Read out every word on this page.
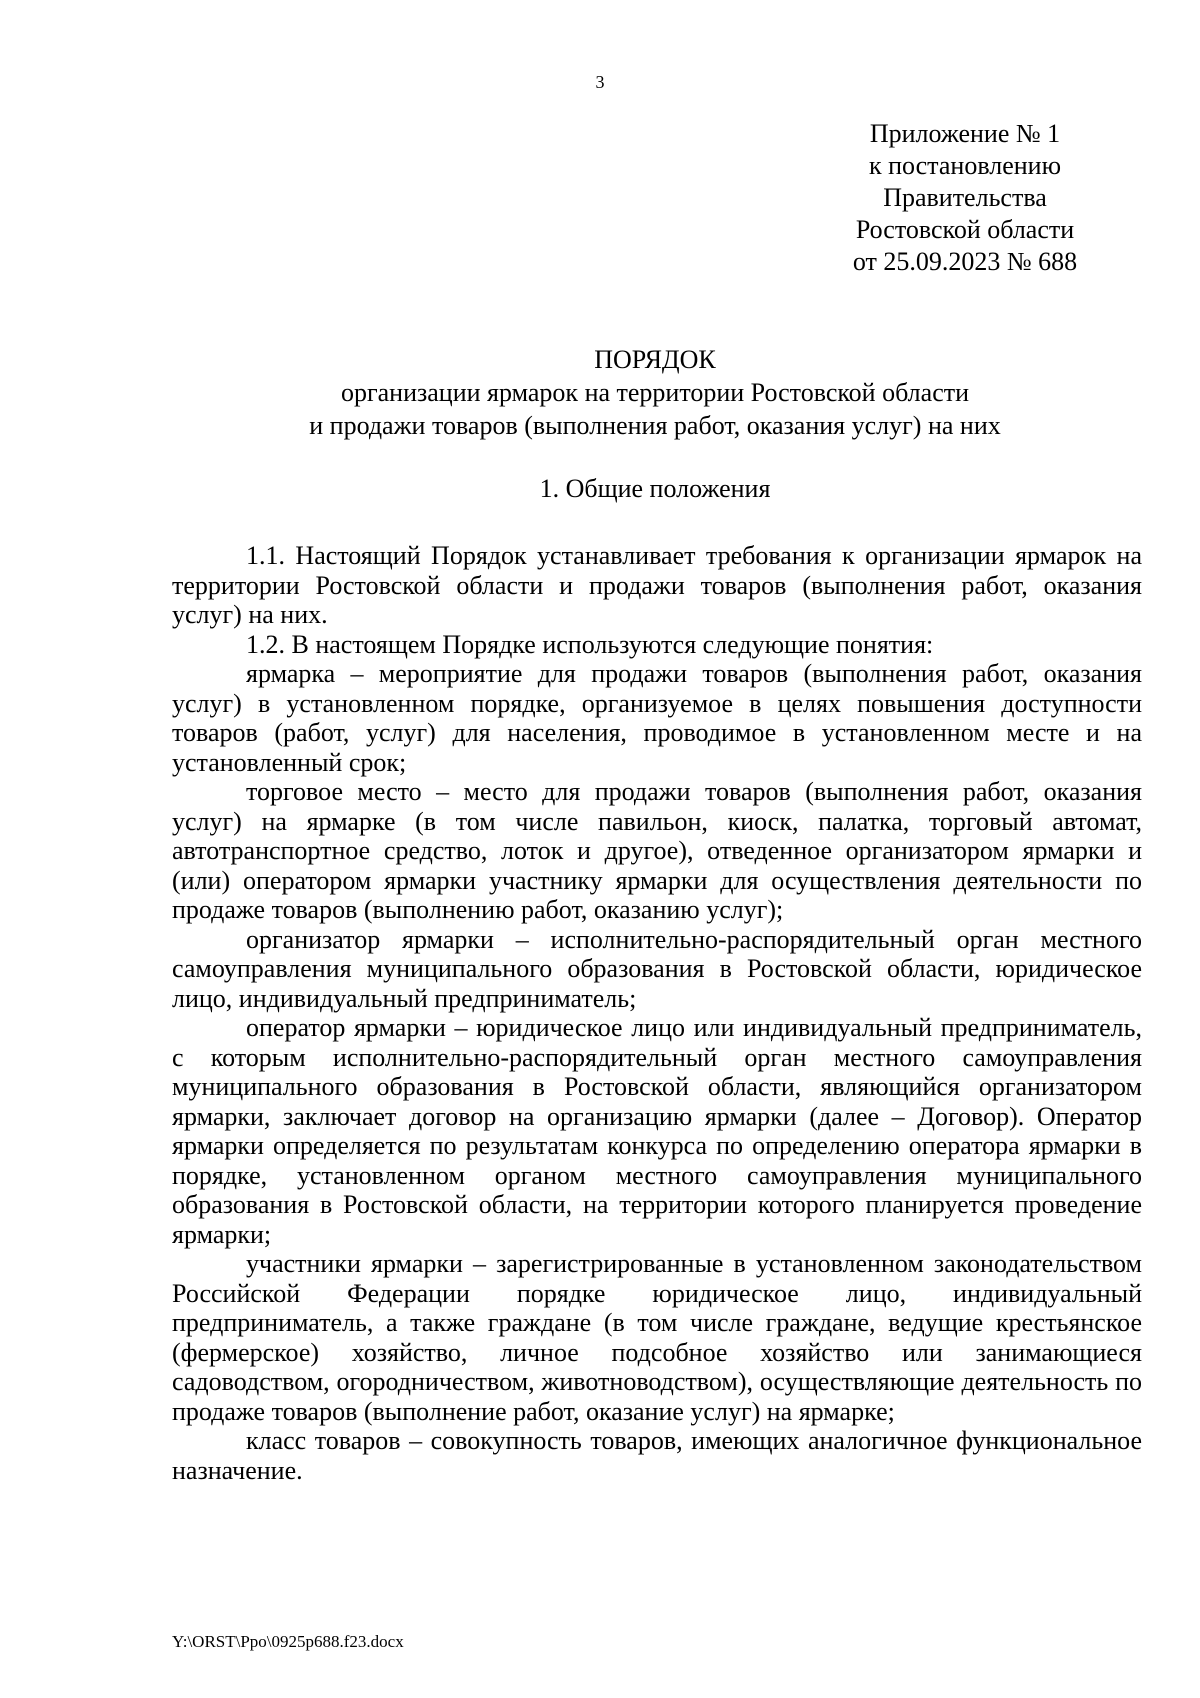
3
Приложение № 1
к постановлению
Правительства
Ростовской области
от 25.09.2023 № 688
ПОРЯДОК
организации ярмарок на территории Ростовской области
и продажи товаров (выполнения работ, оказания услуг) на них
1. Общие положения

1.1. Настоящий Порядок устанавливает требования к организации ярмарок на территории Ростовской области и продажи товаров (выполнения работ, оказания услуг) на них.

1.2. В настоящем Порядке используются следующие понятия:

ярмарка – мероприятие для продажи товаров (выполнения работ, оказания услуг) в установленном порядке, организуемое в целях повышения доступности товаров (работ, услуг) для населения, проводимое в установленном месте и на установленный срок;

торговое место – место для продажи товаров (выполнения работ, оказания услуг) на ярмарке (в том числе павильон, киоск, палатка, торговый автомат, автотранспортное средство, лоток и другое), отведенное организатором ярмарки и (или) оператором ярмарки участнику ярмарки для осуществления деятельности по продаже товаров (выполнению работ, оказанию услуг);

организатор ярмарки – исполнительно-распорядительный орган местного самоуправления муниципального образования в Ростовской области, юридическое лицо, индивидуальный предприниматель;

оператор ярмарки – юридическое лицо или индивидуальный предприниматель, с которым исполнительно-распорядительный орган местного самоуправления муниципального образования в Ростовской области, являющийся организатором ярмарки, заключает договор на организацию ярмарки (далее – Договор). Оператор ярмарки определяется по результатам конкурса по определению оператора ярмарки в порядке, установленном органом местного самоуправления муниципального образования в Ростовской области, на территории которого планируется проведение ярмарки;

участники ярмарки – зарегистрированные в установленном законодательством Российской Федерации порядке юридическое лицо, индивидуальный предприниматель, а также граждане (в том числе граждане, ведущие крестьянское (фермерское) хозяйство, личное подсобное хозяйство или занимающиеся садоводством, огородничеством, животноводством), осуществляющие деятельность по продаже товаров (выполнение работ, оказание услуг) на ярмарке;

класс товаров – совокупность товаров, имеющих аналогичное функциональное назначение.

Y:\ORST\Ppo\0925p688.f23.docx
